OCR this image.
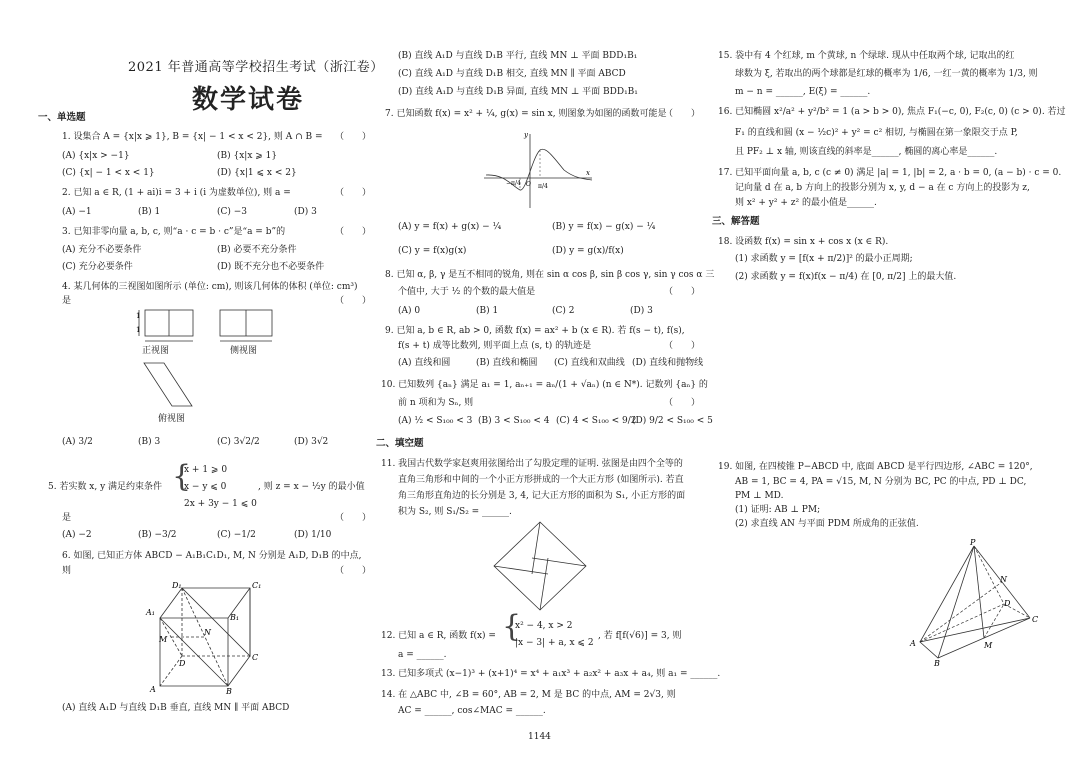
2021 年普通高等学校招生考试（浙江卷）
数学试卷
一、单选题
1. 设集合 A = {x|x ⩾ 1}, B = {x| − 1 < x < 2}, 则 A ∩ B = （　　）
(A) {x|x > −1}	(B) {x|x ⩾ 1}
(C) {x| − 1 < x < 1}	(D) {x|1 ⩽ x < 2}
2. 已知 a ∈ R, (1 + ai)i = 3 + i (i 为虚数单位), 则 a =	（　　）
(A) −1	(B) 1	(C) −3	(D) 3
3. 已知非零向量 a, b, c, 则“a · c = b · c”是“a = b”的	（　　）
(A) 充分不必要条件	(B) 必要不充分条件
(C) 充分必要条件	(D) 既不充分也不必要条件
4. 某几何体的三视图如图所示 (单位: cm), 则该几何体的体积 (单位: cm³)
是	（　　）
1
1
正视图	侧视图
俯视图
(A) 3/2	(B) 3	(C) 3√2/2	(D) 3√2
5. 若实数 x, y 满足约束条件 {
x + 1 ⩾ 0
x − y ⩽ 0
2x + 3y − 1 ⩽ 0
, 则 z = x − ½y 的最小值
是	（　　）
(A) −2	(B) −3/2	(C) −1/2	(D) 1/10
6. 如图, 已知正方体 ABCD − A₁B₁C₁D₁, M, N 分别是 A₁D, D₁B 的中点,
则	（　　）
D₁	C₁
A₁
B₁
M
N
D
C
A	B
(A) 直线 A₁D 与直线 D₁B 垂直, 直线 MN ∥ 平面 ABCD
(B) 直线 A₁D 与直线 D₁B 平行, 直线 MN ⊥ 平面 BDD₁B₁
(C) 直线 A₁D 与直线 D₁B 相交, 直线 MN ∥ 平面 ABCD
(D) 直线 A₁D 与直线 D₁B 异面, 直线 MN ⊥ 平面 BDD₁B₁
7. 已知函数 f(x) = x² + ¼, g(x) = sin x, 则图象为如图的函数可能是
（　　）
y
x
−π/4 O π/4
(A) y = f(x) + g(x) − ¼	(B) y = f(x) − g(x) − ¼
(C) y = f(x)g(x)	(D) y = g(x)/f(x)
8. 已知 α, β, γ 是互不相同的锐角, 则在 sin α cos β, sin β cos γ, sin γ cos α 三
个值中, 大于 ½ 的个数的最大值是	（　　）
(A) 0	(B) 1	(C) 2	(D) 3
9. 已知 a, b ∈ R, ab > 0, 函数 f(x) = ax² + b (x ∈ R). 若 f(s − t), f(s),
f(s + t) 成等比数列, 则平面上点 (s, t) 的轨迹是	（　　）
(A) 直线和圆	(B) 直线和椭圆 (C) 直线和双曲线 (D) 直线和抛物线
10. 已知数列 {aₙ} 满足 a₁ = 1, aₙ₊₁ = aₙ/(1 + √aₙ) (n ∈ N*). 记数列 {aₙ} 的
前 n 项和为 Sₙ, 则	（　　）
(A) ½ < S₁₀₀ < 3 (B) 3 < S₁₀₀ < 4 (C) 4 < S₁₀₀ < 9/2
(D) 9/2 < S₁₀₀ < 5
二、填空题
11. 我国古代数学家赵爽用弦图给出了勾股定理的证明. 弦图是由四个全等的
直角三角形和中间的一个小正方形拼成的一个大正方形 (如图所示). 若直
角三角形直角边的长分别是 3, 4, 记大正方形的面积为 S₁, 小正方形的面
积为 S₂, 则 S₁/S₂ = ______.
12. 已知 a ∈ R, 函数 f(x) = {
x² − 4, x > 2
|x − 3| + a, x ⩽ 2
, 若 f[f(√6)] = 3, 则
a = ______.
13. 已知多项式 (x−1)³ + (x+1)⁴ = x⁴ + a₁x³ + a₂x² + a₃x + a₄, 则 a₁ = ______.
14. 在 △ABC 中, ∠B = 60°, AB = 2, M 是 BC 的中点, AM = 2√3, 则
AC = ______, cos∠MAC = ______.
1144
15. 袋中有 4 个红球, m 个黄球, n 个绿球. 现从中任取两个球, 记取出的红
球数为 ξ, 若取出的两个球都是红球的概率为 1/6, 一红一黄的概率为 1/3, 则
m − n = ______, E(ξ) = ______.
16. 已知椭圆 x²/a² + y²/b² = 1 (a > b > 0), 焦点 F₁(−c, 0), F₂(c, 0) (c > 0). 若过
F₁ 的直线和圆 (x − ½c)² + y² = c² 相切, 与椭圆在第一象限交于点 P,
且 PF₂ ⊥ x 轴, 则该直线的斜率是______, 椭圆的离心率是______.
17. 已知平面向量 a, b, c (c ≠ 0) 满足 |a| = 1, |b| = 2, a · b = 0, (a − b) · c = 0.
记向量 d 在 a, b 方向上的投影分别为 x, y, d − a 在 c 方向上的投影为 z,
则 x² + y² + z² 的最小值是______.
三、解答题
18. 设函数 f(x) = sin x + cos x (x ∈ R).
(1) 求函数 y = [f(x + π/2)]² 的最小正周期;
(2) 求函数 y = f(x)f(x − π/4) 在 [0, π/2] 上的最大值.
19. 如图, 在四棱锥 P−ABCD 中, 底面 ABCD 是平行四边形, ∠ABC = 120°,
AB = 1, BC = 4, PA = √15, M, N 分别为 BC, PC 的中点, PD ⊥ DC,
PM ⊥ MD.
(1) 证明: AB ⊥ PM;
(2) 求直线 AN 与平面 PDM 所成角的正弦值.
P
N
D
C
A
B
M
